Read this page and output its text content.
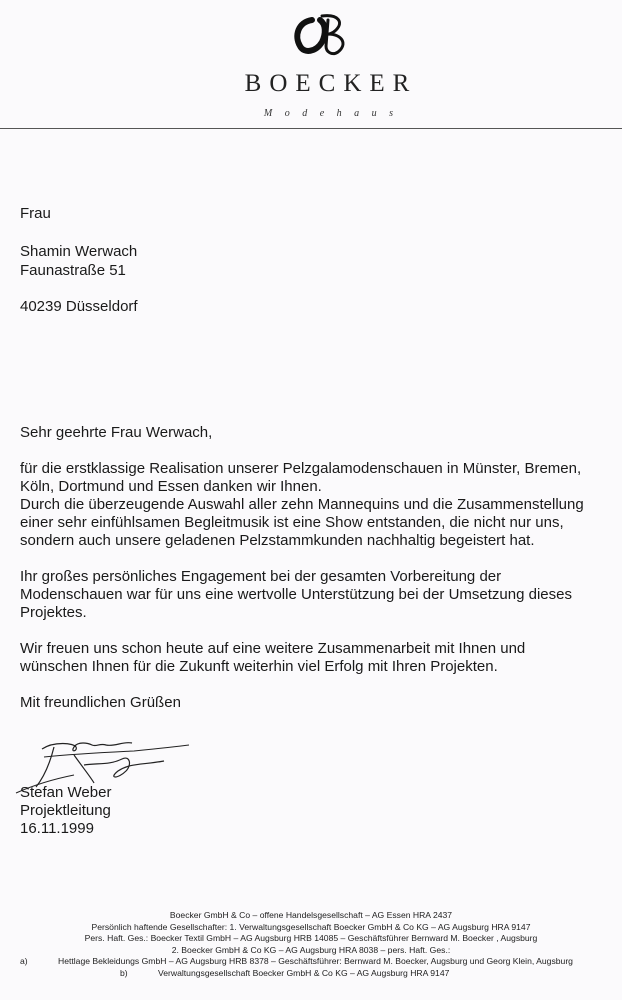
BOECKER
M o d e h a u s
Frau
Shamin Werwach
Faunastraße 51
40239 Düsseldorf
Sehr geehrte Frau Werwach,
für die erstklassige Realisation unserer Pelzgalamodenschauen in Münster, Bremen,
Köln, Dortmund und Essen danken wir Ihnen.
Durch die überzeugende Auswahl aller zehn Mannequins und die Zusammenstellung
einer sehr einfühlsamen Begleitmusik ist eine Show entstanden, die nicht nur uns,
sondern auch unsere geladenen Pelzstammkunden nachhaltig begeistert hat.
Ihr großes persönliches Engagement bei der gesamten Vorbereitung der
Modenschauen war für uns eine wertvolle Unterstützung bei der Umsetzung dieses
Projektes.
Wir freuen uns schon heute auf eine weitere Zusammenarbeit mit Ihnen und
wünschen Ihnen für die Zukunft weiterhin viel Erfolg mit Ihren Projekten.
Mit freundlichen Grüßen
Stefan Weber
Projektleitung
16.11.1999
Boecker GmbH & Co – offene Handelsgesellschaft – AG Essen HRA 2437
Persönlich haftende Gesellschafter: 1. Verwaltungsgesellschaft Boecker GmbH & Co KG – AG Augsburg HRA 9147
Pers. Haft. Ges.: Boecker Textil GmbH – AG Augsburg HRB 14085 – Geschäftsführer Bernward M. Boecker , Augsburg
2. Boecker GmbH & Co KG – AG Augsburg HRA 8038 – pers. Haft. Ges.:
a)	Hettlage Bekleidungs GmbH – AG Augsburg HRB 8378 – Geschäftsführer: Bernward M. Boecker, Augsburg und Georg Klein, Augsburg
b)	Verwaltungsgesellschaft Boecker GmbH & Co KG – AG Augsburg HRA 9147
